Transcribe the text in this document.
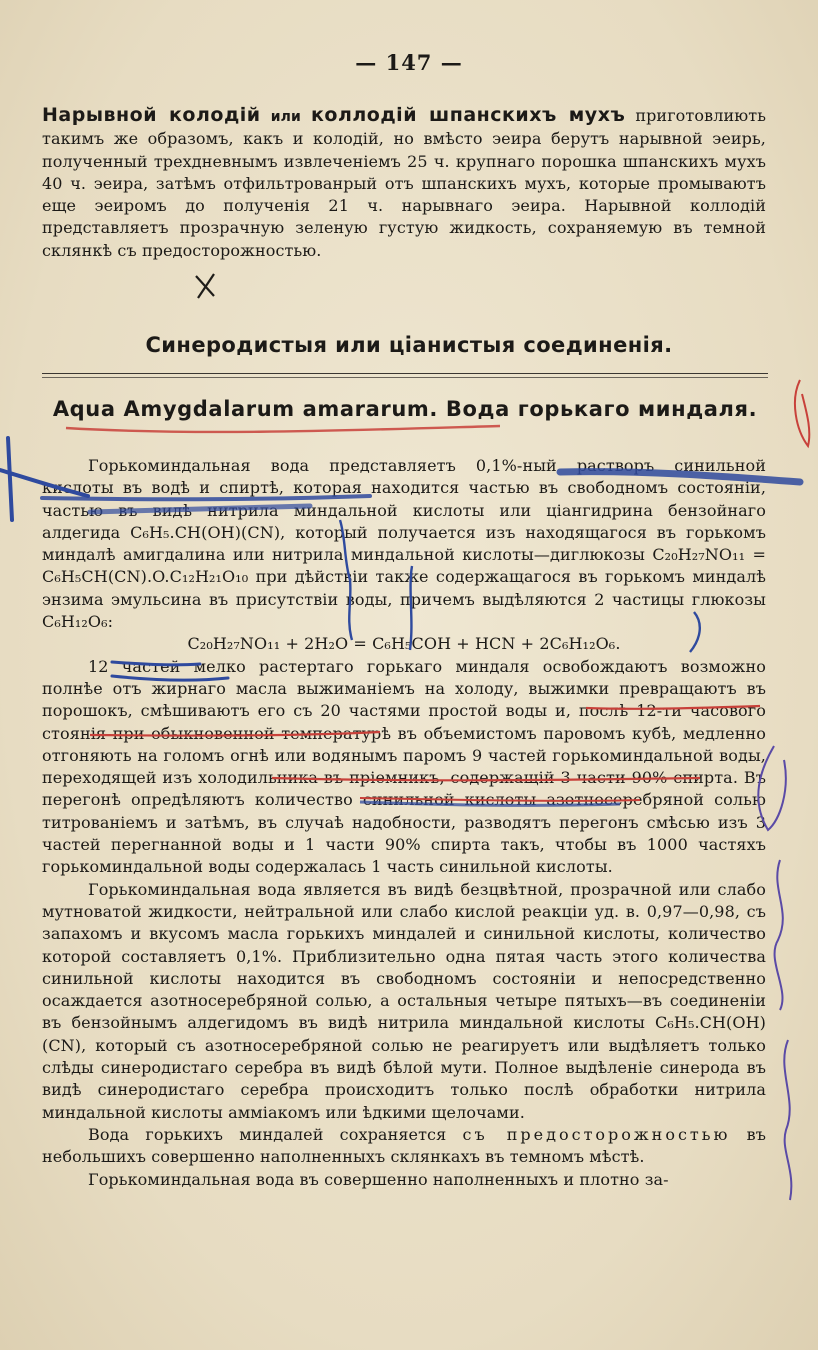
— 147 —

Нарывной колодій или коллодій шпанскихъ мухъ приготовлиють такимъ же образомъ, какъ и колодій, но вмѣсто эеира берутъ нарывной эеирь, полученный трехдневнымъ извлеченіемъ 25 ч. крупнаго порошка шпанскихъ мухъ 40 ч. эеира, затѣмъ отфильтрованрый отъ шпанскихъ мухъ, которые промываютъ еще эеиромъ до полученія 21 ч. нарывнаго эеира. Нарывной коллодій представляетъ прозрачную зеленую густую жидкость, сохраняемую въ темной склянкѣ съ предосторожностью.

Синеродистыя или ціанистыя соединенія.
Aqua Amygdalarum amararum. Вода горькаго миндаля.

Горькоминдальная вода представляетъ 0,1%-ный растворъ синильной кислоты въ водѣ и спиртѣ, которая находится частью въ свободномъ состояніи, частью въ видѣ нитрила миндальной кислоты или ціангидрина бензойнаго алдегида C₆H₅.CH(OH)(CN), который получается изъ находящагося въ горькомъ миндалѣ амигдалина или нитрила миндальной кислоты—диглюкозы C₂₀H₂₇NO₁₁ = C₆H₅CH(CN).O.C₁₂H₂₁O₁₀ при дѣйствіи также содержащагося въ горькомъ миндалѣ энзима эмульсина въ присутствіи воды, причемъ выдѣляются 2 частицы глюкозы C₆H₁₂O₆:

C₂₀H₂₇NO₁₁ + 2H₂O = C₆H₅COH + HCN + 2C₆H₁₂O₆.

12 частей мелко растертаго горькаго миндаля освобождаютъ возможно полнѣе отъ жирнаго масла выжиманіемъ на холоду, выжимки превращаютъ въ порошокъ, смѣшиваютъ его съ 20 частями простой воды и, послѣ 12-ти часового стоянія при обыкновенной температурѣ въ объемистомъ паровомъ кубѣ, медленно отгоняють на голомъ огнѣ или водянымъ паромъ 9 частей горькоминдальной воды, переходящей изъ холодильника въ пріемникъ, содержащій 3 части 90% спирта. Въ перегонѣ опредѣляютъ количество синильной кислоты азотносеребряной солью титрованіемъ и затѣмъ, въ случаѣ надобности, разводятъ перегонъ смѣсью изъ 3 частей перегнанной воды и 1 части 90% спирта такъ, чтобы въ 1000 частяхъ горькоминдальной воды содержалась 1 часть синильной кислоты.

Горькоминдальная вода является въ видѣ безцвѣтной, прозрачной или слабо мутноватой жидкости, нейтральной или слабо кислой реакціи уд. в. 0,97—0,98, съ запахомъ и вкусомъ масла горькихъ миндалей и синильной кислоты, количество которой составляетъ 0,1%. Приблизительно одна пятая часть этого количества синильной кислоты находится въ свободномъ состояніи и непосредственно осаждается азотносеребряной солью, а остальныя четыре пятыхъ—въ соединеніи въ бензойнымъ алдегидомъ въ видѣ нитрила миндальной кислоты C₆H₅.CH(OH)(CN), который съ азотносеребряной солью не реагируетъ или выдѣляетъ только слѣды синеродистаго серебра въ видѣ бѣлой мути. Полное выдѣленіе синерода въ видѣ синеродистаго серебра происходитъ только послѣ обработки нитрила миндальной кислоты амміакомъ или ѣдкими щелочами.

Вода горькихъ миндалей сохраняется съ предосторожностью въ небольшихъ совершенно наполненныхъ склянкахъ въ темномъ мѣстѣ.

Горькоминдальная вода въ совершенно наполненныхъ и плотно за-
